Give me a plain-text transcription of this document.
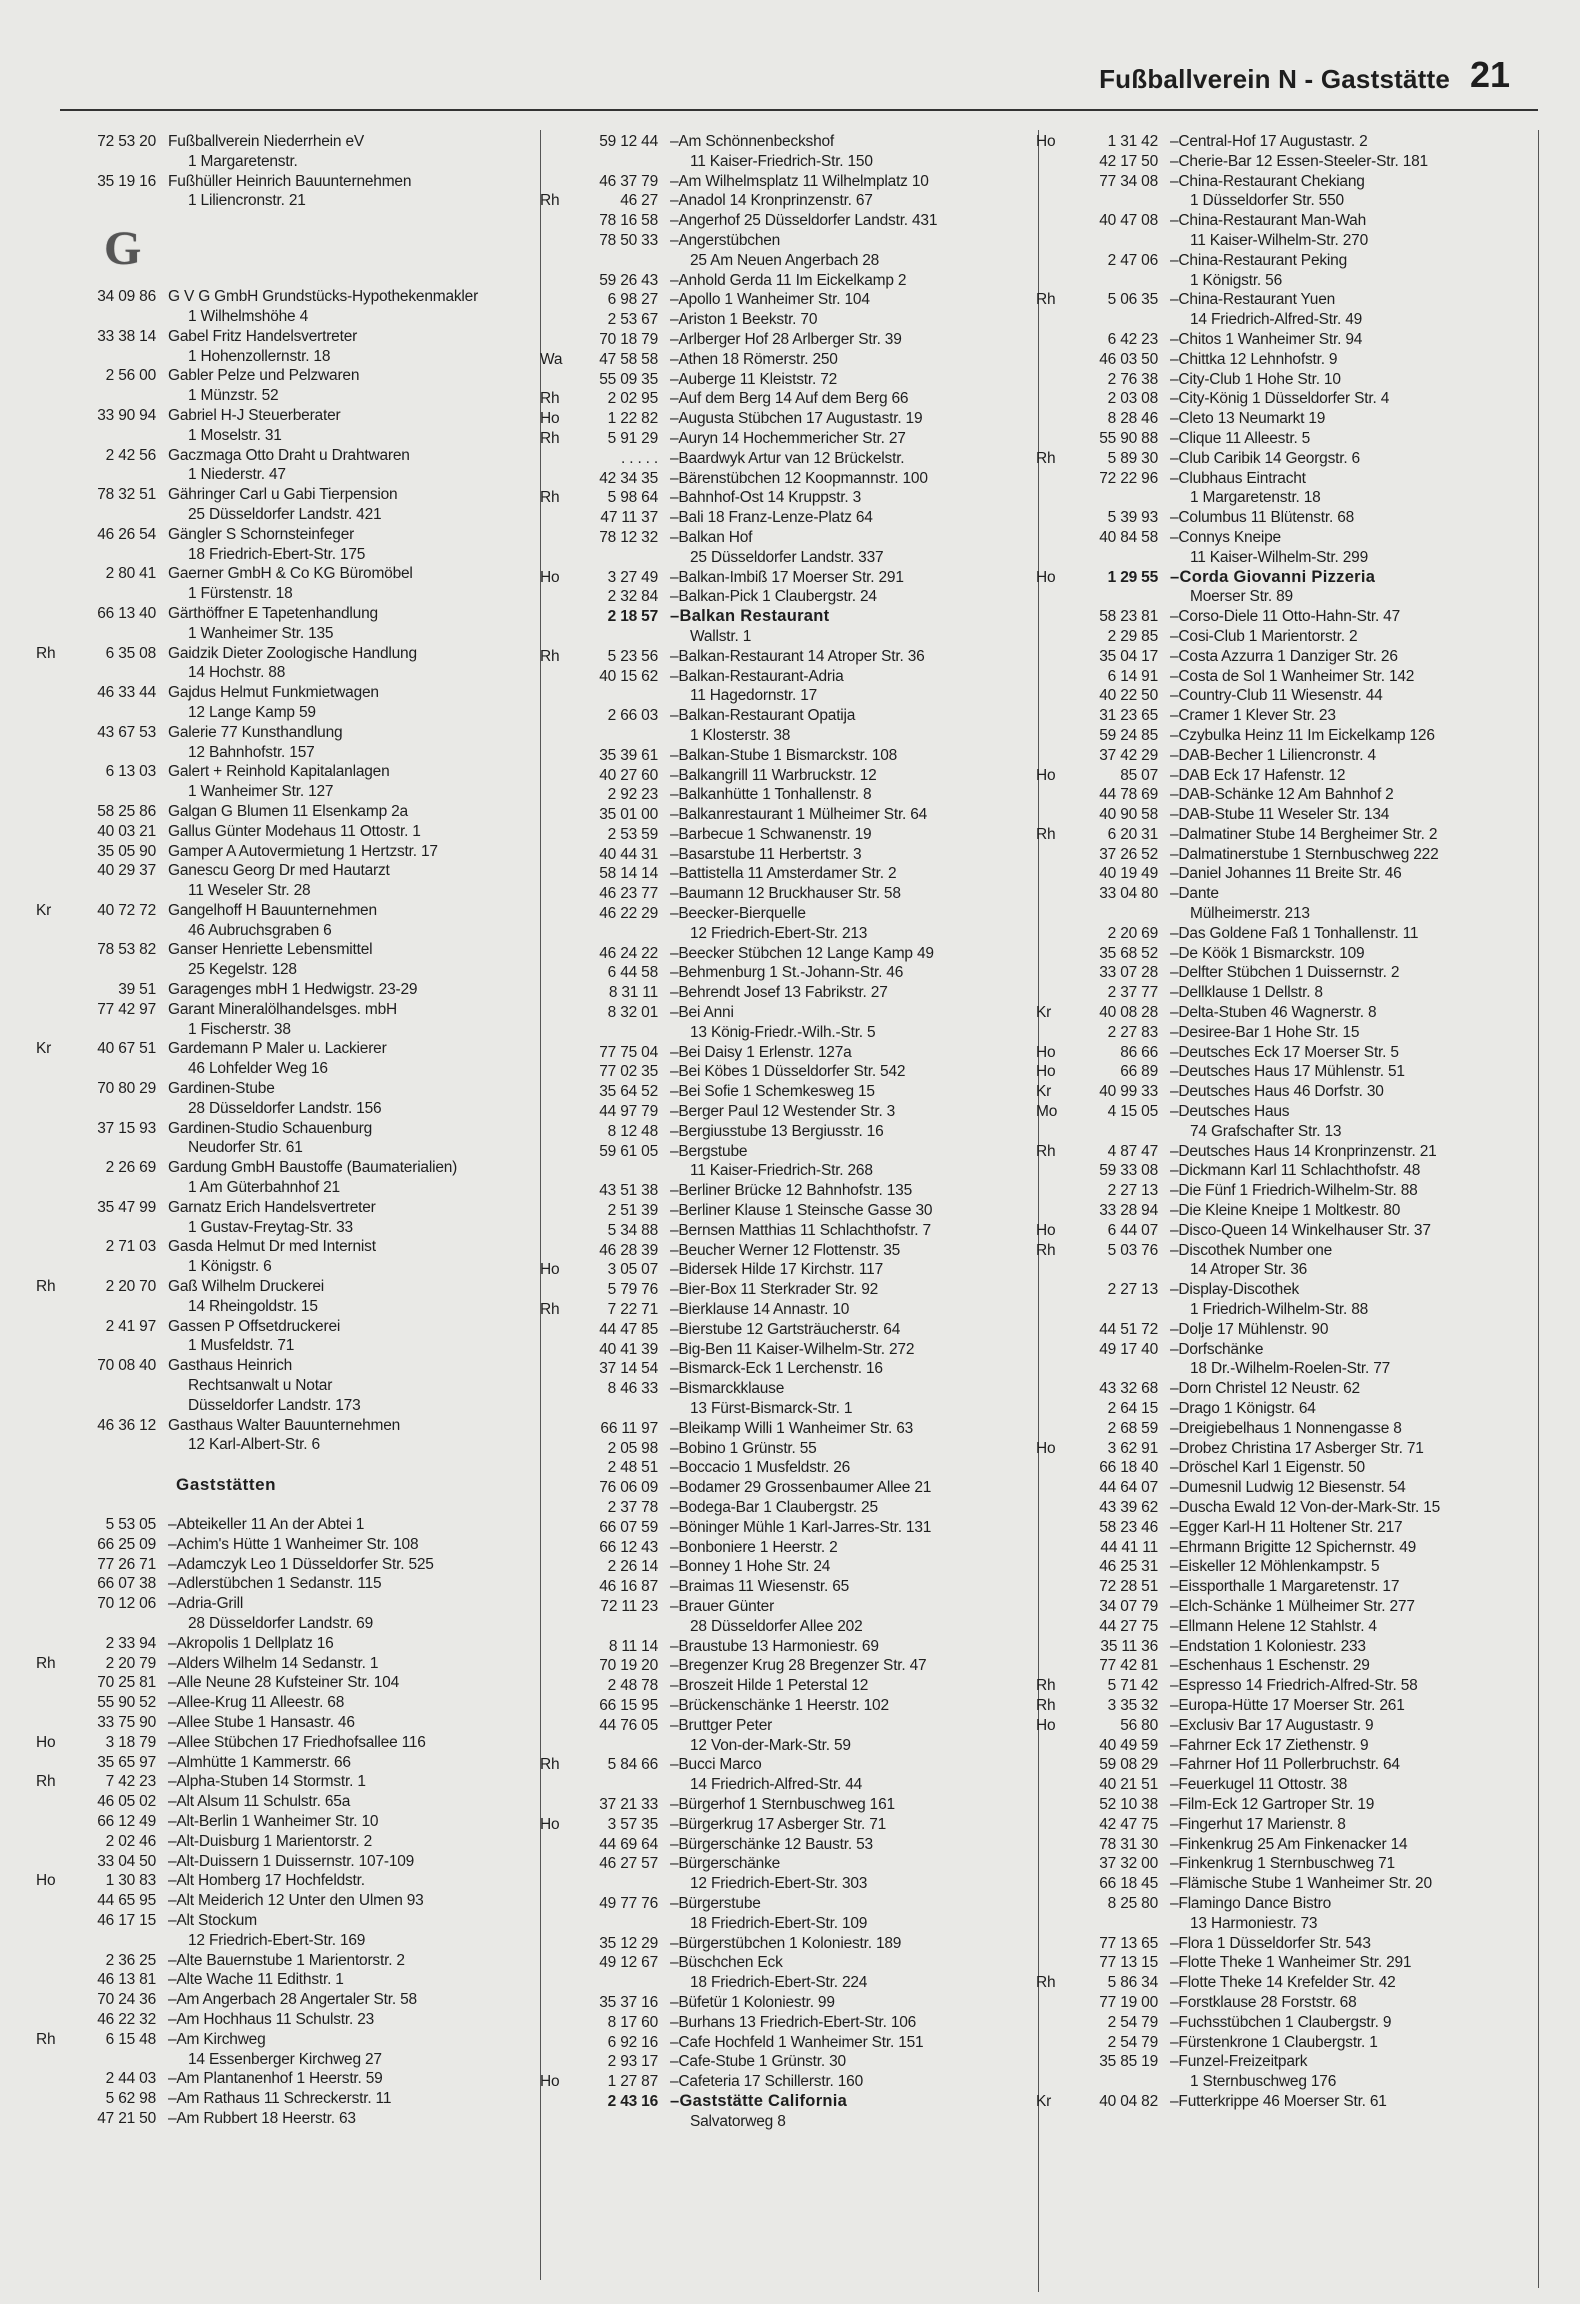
Fußballverein N - Gaststätte 21
72 53 20 Fußballverein Niederrhein eV
1 Margaretenstr.
35 19 16 Fußhüller Heinrich Bauunternehmen
1 Liliencronstr. 21
G
34 09 86 G V G GmbH Grundstücks-Hypothekenmakler
1 Wilhelmshöhe 4
33 38 14 Gabel Fritz Handelsvertreter
1 Hohenzollernstr. 18
2 56 00 Gabler Pelze und Pelzwaren
1 Münzstr. 52
33 90 94 Gabriel H-J Steuerberater
1 Moselstr. 31
2 42 56 Gaczmaga Otto Draht u Drahtwaren
1 Niederstr. 47
78 32 51 Gähringer Carl u Gabi Tierpension
25 Düsseldorfer Landstr. 421
46 26 54 Gängler S Schornsteinfeger
18 Friedrich-Ebert-Str. 175
2 80 41 Gaerner GmbH & Co KG Büromöbel
1 Fürstenstr. 18
66 13 40 Gärthöffner E Tapetenhandlung
1 Wanheimer Str. 135
Rh	6 35 08 Gaidzik Dieter Zoologische Handlung
14 Hochstr. 88
46 33 44 Gajdus Helmut Funkmietwagen
12 Lange Kamp 59
43 67 53 Galerie 77 Kunsthandlung
12 Bahnhofstr. 157
6 13 03 Galert + Reinhold Kapitalanlagen
1 Wanheimer Str. 127
58 25 86 Galgan G Blumen 11 Elsenkamp 2a
40 03 21 Gallus Günter Modehaus 11 Ottostr. 1
35 05 90 Gamper A Autovermietung 1 Hertzstr. 17
40 29 37 Ganescu Georg Dr med Hautarzt
11 Weseler Str. 28
Kr	40 72 72 Gangelhoff H Bauunternehmen
46 Aubruchsgraben 6
78 53 82 Ganser Henriette Lebensmittel
25 Kegelstr. 128
39 51 Garagenges mbH 1 Hedwigstr. 23-29
77 42 97 Garant Mineralölhandelsges. mbH
1 Fischerstr. 38
Kr	40 67 51 Gardemann P Maler u. Lackierer
46 Lohfelder Weg 16
70 80 29 Gardinen-Stube
28 Düsseldorfer Landstr. 156
37 15 93 Gardinen-Studio Schauenburg
Neudorfer Str. 61
2 26 69 Gardung GmbH Baustoffe (Baumaterialien)
1 Am Güterbahnhof 21
35 47 99 Garnatz Erich Handelsvertreter
1 Gustav-Freytag-Str. 33
2 71 03 Gasda Helmut Dr med Internist
1 Königstr. 6
Rh	2 20 70 Gaß Wilhelm Druckerei
14 Rheingoldstr. 15
2 41 97 Gassen P Offsetdruckerei
1 Musfeldstr. 71
70 08 40 Gasthaus Heinrich
Rechtsanwalt u Notar
Düsseldorfer Landstr. 173
46 36 12 Gasthaus Walter Bauunternehmen
12 Karl-Albert-Str. 6
Gaststätten
5 53 05 –Abteikeller 11 An der Abtei 1
66 25 09 –Achim's Hütte 1 Wanheimer Str. 108
77 26 71 –Adamczyk Leo 1 Düsseldorfer Str. 525
66 07 38 –Adlerstübchen 1 Sedanstr. 115
70 12 06 –Adria-Grill
28 Düsseldorfer Landstr. 69
2 33 94 –Akropolis 1 Dellplatz 16
Rh	2 20 79 –Alders Wilhelm 14 Sedanstr. 1
70 25 81 –Alle Neune 28 Kufsteiner Str. 104
55 90 52 –Allee-Krug 11 Alleestr. 68
33 75 90 –Allee Stube 1 Hansastr. 46
Ho	3 18 79 –Allee Stübchen 17 Friedhofsallee 116
35 65 97 –Almhütte 1 Kammerstr. 66
Rh	7 42 23 –Alpha-Stuben 14 Stormstr. 1
46 05 02 –Alt Alsum 11 Schulstr. 65a
66 12 49 –Alt-Berlin 1 Wanheimer Str. 10
2 02 46 –Alt-Duisburg 1 Marientorstr. 2
33 04 50 –Alt-Duissern 1 Duissernstr. 107-109
Ho	1 30 83 –Alt Homberg 17 Hochfeldstr.
44 65 95 –Alt Meiderich 12 Unter den Ulmen 93
46 17 15 –Alt Stockum
12 Friedrich-Ebert-Str. 169
2 36 25 –Alte Bauernstube 1 Marientorstr. 2
46 13 81 –Alte Wache 11 Edithstr. 1
70 24 36 –Am Angerbach 28 Angertaler Str. 58
46 22 32 –Am Hochhaus 11 Schulstr. 23
Rh	6 15 48 –Am Kirchweg
14 Essenberger Kirchweg 27
2 44 03 –Am Plantanenhof 1 Heerstr. 59
5 62 98 –Am Rathaus 11 Schreckerstr. 11
47 21 50 –Am Rubbert 18 Heerstr. 63
59 12 44 –Am Schönnenbeckshof
11 Kaiser-Friedrich-Str. 150
46 37 79 –Am Wilhelmsplatz 11 Wilhelmplatz 10
Rh	46 27 –Anadol 14 Kronprinzenstr. 67
78 16 58 –Angerhof 25 Düsseldorfer Landstr. 431
78 50 33 –Angerstübchen
25 Am Neuen Angerbach 28
59 26 43 –Anhold Gerda 11 Im Eickelkamp 2
6 98 27 –Apollo 1 Wanheimer Str. 104
2 53 67 –Ariston 1 Beekstr. 70
70 18 79 –Arlberger Hof 28 Arlberger Str. 39
Wa	47 58 58 –Athen 18 Römerstr. 250
55 09 35 –Auberge 11 Kleiststr. 72
Rh	2 02 95 –Auf dem Berg 14 Auf dem Berg 66
Ho	1 22 82 –Augusta Stübchen 17 Augustastr. 19
Rh	5 91 29 –Auryn 14 Hochemmericher Str. 27
. . . . . –Baardwyk Artur van 12 Brückelstr.
42 34 35 –Bärenstübchen 12 Koopmannstr. 100
Rh	5 98 64 –Bahnhof-Ost 14 Kruppstr. 3
47 11 37 –Bali 18 Franz-Lenze-Platz 64
78 12 32 –Balkan Hof
25 Düsseldorfer Landstr. 337
Ho	3 27 49 –Balkan-Imbiß 17 Moerser Str. 291
2 32 84 –Balkan-Pick 1 Claubergstr. 24
2 18 57 –Balkan Restaurant
Wallstr. 1
Rh	5 23 56 –Balkan-Restaurant 14 Atroper Str. 36
40 15 62 –Balkan-Restaurant-Adria
11 Hagedornstr. 17
2 66 03 –Balkan-Restaurant Opatija
1 Klosterstr. 38
35 39 61 –Balkan-Stube 1 Bismarckstr. 108
40 27 60 –Balkangrill 11 Warbruckstr. 12
2 92 23 –Balkanhütte 1 Tonhallenstr. 8
35 01 00 –Balkanrestaurant 1 Mülheimer Str. 64
2 53 59 –Barbecue 1 Schwanenstr. 19
40 44 31 –Basarstube 11 Herbertstr. 3
58 14 14 –Battistella 11 Amsterdamer Str. 2
46 23 77 –Baumann 12 Bruckhauser Str. 58
46 22 29 –Beecker-Bierquelle
12 Friedrich-Ebert-Str. 213
46 24 22 –Beecker Stübchen 12 Lange Kamp 49
6 44 58 –Behmenburg 1 St.-Johann-Str. 46
8 31 11 –Behrendt Josef 13 Fabrikstr. 27
8 32 01 –Bei Anni
13 König-Friedr.-Wilh.-Str. 5
77 75 04 –Bei Daisy 1 Erlenstr. 127a
77 02 35 –Bei Köbes 1 Düsseldorfer Str. 542
35 64 52 –Bei Sofie 1 Schemkesweg 15
44 97 79 –Berger Paul 12 Westender Str. 3
8 12 48 –Bergiusstube 13 Bergiusstr. 16
59 61 05 –Bergstube
11 Kaiser-Friedrich-Str. 268
43 51 38 –Berliner Brücke 12 Bahnhofstr. 135
2 51 39 –Berliner Klause 1 Steinsche Gasse 30
5 34 88 –Bernsen Matthias 11 Schlachthofstr. 7
46 28 39 –Beucher Werner 12 Flottenstr. 35
Ho	3 05 07 –Bidersek Hilde 17 Kirchstr. 117
5 79 76 –Bier-Box 11 Sterkrader Str. 92
Rh	7 22 71 –Bierklause 14 Annastr. 10
44 47 85 –Bierstube 12 Gartsträucherstr. 64
40 41 39 –Big-Ben 11 Kaiser-Wilhelm-Str. 272
37 14 54 –Bismarck-Eck 1 Lerchenstr. 16
8 46 33 –Bismarckklause
13 Fürst-Bismarck-Str. 1
66 11 97 –Bleikamp Willi 1 Wanheimer Str. 63
2 05 98 –Bobino 1 Grünstr. 55
2 48 51 –Boccacio 1 Musfeldstr. 26
76 06 09 –Bodamer 29 Grossenbaumer Allee 21
2 37 78 –Bodega-Bar 1 Claubergstr. 25
66 07 59 –Böninger Mühle 1 Karl-Jarres-Str. 131
66 12 43 –Bonboniere 1 Heerstr. 2
2 26 14 –Bonney 1 Hohe Str. 24
46 16 87 –Braimas 11 Wiesenstr. 65
72 11 23 –Brauer Günter
28 Düsseldorfer Allee 202
8 11 14 –Braustube 13 Harmoniestr. 69
70 19 20 –Bregenzer Krug 28 Bregenzer Str. 47
2 48 78 –Broszeit Hilde 1 Peterstal 12
66 15 95 –Brückenschänke 1 Heerstr. 102
44 76 05 –Bruttger Peter
12 Von-der-Mark-Str. 59
Rh	5 84 66 –Bucci Marco
14 Friedrich-Alfred-Str. 44
37 21 33 –Bürgerhof 1 Sternbuschweg 161
Ho	3 57 35 –Bürgerkrug 17 Asberger Str. 71
44 69 64 –Bürgerschänke 12 Baustr. 53
46 27 57 –Bürgerschänke
12 Friedrich-Ebert-Str. 303
49 77 76 –Bürgerstube
18 Friedrich-Ebert-Str. 109
35 12 29 –Bürgerstübchen 1 Koloniestr. 189
49 12 67 –Büschchen Eck
18 Friedrich-Ebert-Str. 224
35 37 16 –Büfetür 1 Koloniestr. 99
8 17 60 –Burhans 13 Friedrich-Ebert-Str. 106
6 92 16 –Cafe Hochfeld 1 Wanheimer Str. 151
2 93 17 –Cafe-Stube 1 Grünstr. 30
Ho	1 27 87 –Cafeteria 17 Schillerstr. 160
2 43 16 –Gaststätte California
Salvatorweg 8
Ho	1 31 42 –Central-Hof 17 Augustastr. 2
42 17 50 –Cherie-Bar 12 Essen-Steeler-Str. 181
77 34 08 –China-Restaurant Chekiang
1 Düsseldorfer Str. 550
40 47 08 –China-Restaurant Man-Wah
11 Kaiser-Wilhelm-Str. 270
2 47 06 –China-Restaurant Peking
1 Königstr. 56
Rh	5 06 35 –China-Restaurant Yuen
14 Friedrich-Alfred-Str. 49
6 42 23 –Chitos 1 Wanheimer Str. 94
46 03 50 –Chittka 12 Lehnhofstr. 9
2 76 38 –City-Club 1 Hohe Str. 10
2 03 08 –City-König 1 Düsseldorfer Str. 4
8 28 46 –Cleto 13 Neumarkt 19
55 90 88 –Clique 11 Alleestr. 5
Rh	5 89 30 –Club Caribik 14 Georgstr. 6
72 22 96 –Clubhaus Eintracht
1 Margaretenstr. 18
5 39 93 –Columbus 11 Blütenstr. 68
40 84 58 –Connys Kneipe
11 Kaiser-Wilhelm-Str. 299
Ho	1 29 55 –Corda Giovanni Pizzeria
Moerser Str. 89
58 23 81 –Corso-Diele 11 Otto-Hahn-Str. 47
2 29 85 –Cosi-Club 1 Marientorstr. 2
35 04 17 –Costa Azzurra 1 Danziger Str. 26
6 14 91 –Costa de Sol 1 Wanheimer Str. 142
40 22 50 –Country-Club 11 Wiesenstr. 44
31 23 65 –Cramer 1 Klever Str. 23
59 24 85 –Czybulka Heinz 11 Im Eickelkamp 126
37 42 29 –DAB-Becher 1 Liliencronstr. 4
Ho	85 07 –DAB Eck 17 Hafenstr. 12
44 78 69 –DAB-Schänke 12 Am Bahnhof 2
40 90 58 –DAB-Stube 11 Weseler Str. 134
Rh	6 20 31 –Dalmatiner Stube 14 Bergheimer Str. 2
37 26 52 –Dalmatinerstube 1 Sternbuschweg 222
40 19 49 –Daniel Johannes 11 Breite Str. 46
33 04 80 –Dante
Mülheimerstr. 213
2 20 69 –Das Goldene Faß 1 Tonhallenstr. 11
35 68 52 –De Köök 1 Bismarckstr. 109
33 07 28 –Delfter Stübchen 1 Duissernstr. 2
2 37 77 –Dellklause 1 Dellstr. 8
Kr	40 08 28 –Delta-Stuben 46 Wagnerstr. 8
2 27 83 –Desiree-Bar 1 Hohe Str. 15
Ho	86 66 –Deutsches Eck 17 Moerser Str. 5
Ho	66 89 –Deutsches Haus 17 Mühlenstr. 51
Kr	40 99 33 –Deutsches Haus 46 Dorfstr. 30
Mo	4 15 05 –Deutsches Haus
74 Grafschafter Str. 13
Rh	4 87 47 –Deutsches Haus 14 Kronprinzenstr. 21
59 33 08 –Dickmann Karl 11 Schlachthofstr. 48
2 27 13 –Die Fünf 1 Friedrich-Wilhelm-Str. 88
33 28 94 –Die Kleine Kneipe 1 Moltkestr. 80
Ho	6 44 07 –Disco-Queen 14 Winkelhauser Str. 37
Rh	5 03 76 –Discothek Number one
14 Atroper Str. 36
2 27 13 –Display-Discothek
1 Friedrich-Wilhelm-Str. 88
44 51 72 –Dolje 17 Mühlenstr. 90
49 17 40 –Dorfschänke
18 Dr.-Wilhelm-Roelen-Str. 77
43 32 68 –Dorn Christel 12 Neustr. 62
2 64 15 –Drago 1 Königstr. 64
2 68 59 –Dreigiebelhaus 1 Nonnengasse 8
Ho	3 62 91 –Drobez Christina 17 Asberger Str. 71
66 18 40 –Dröschel Karl 1 Eigenstr. 50
44 64 07 –Dumesnil Ludwig 12 Biesenstr. 54
43 39 62 –Duscha Ewald 12 Von-der-Mark-Str. 15
58 23 46 –Egger Karl-H 11 Holtener Str. 217
44 41 11 –Ehrmann Brigitte 12 Spichernstr. 49
46 25 31 –Eiskeller 12 Möhlenkampstr. 5
72 28 51 –Eissporthalle 1 Margaretenstr. 17
34 07 79 –Elch-Schänke 1 Mülheimer Str. 277
44 27 75 –Ellmann Helene 12 Stahlstr. 4
35 11 36 –Endstation 1 Koloniestr. 233
77 42 81 –Eschenhaus 1 Eschenstr. 29
Rh	5 71 42 –Espresso 14 Friedrich-Alfred-Str. 58
Rh	3 35 32 –Europa-Hütte 17 Moerser Str. 261
Ho	56 80 –Exclusiv Bar 17 Augustastr. 9
40 49 59 –Fahrner Eck 17 Ziethenstr. 9
59 08 29 –Fahrner Hof 11 Pollerbruchstr. 64
40 21 51 –Feuerkugel 11 Ottostr. 38
52 10 38 –Film-Eck 12 Gartroper Str. 19
42 47 75 –Fingerhut 17 Marienstr. 8
78 31 30 –Finkenkrug 25 Am Finkenacker 14
37 32 00 –Finkenkrug 1 Sternbuschweg 71
66 18 45 –Flämische Stube 1 Wanheimer Str. 20
8 25 80 –Flamingo Dance Bistro
13 Harmoniestr. 73
77 13 65 –Flora 1 Düsseldorfer Str. 543
77 13 15 –Flotte Theke 1 Wanheimer Str. 291
Rh	5 86 34 –Flotte Theke 14 Krefelder Str. 42
77 19 00 –Forstklause 28 Forststr. 68
2 54 79 –Fuchsstübchen 1 Claubergstr. 9
2 54 79 –Fürstenkrone 1 Claubergstr. 1
35 85 19 –Funzel-Freizeitpark
1 Sternbuschweg 176
Kr	40 04 82 –Futterkrippe 46 Moerser Str. 61
